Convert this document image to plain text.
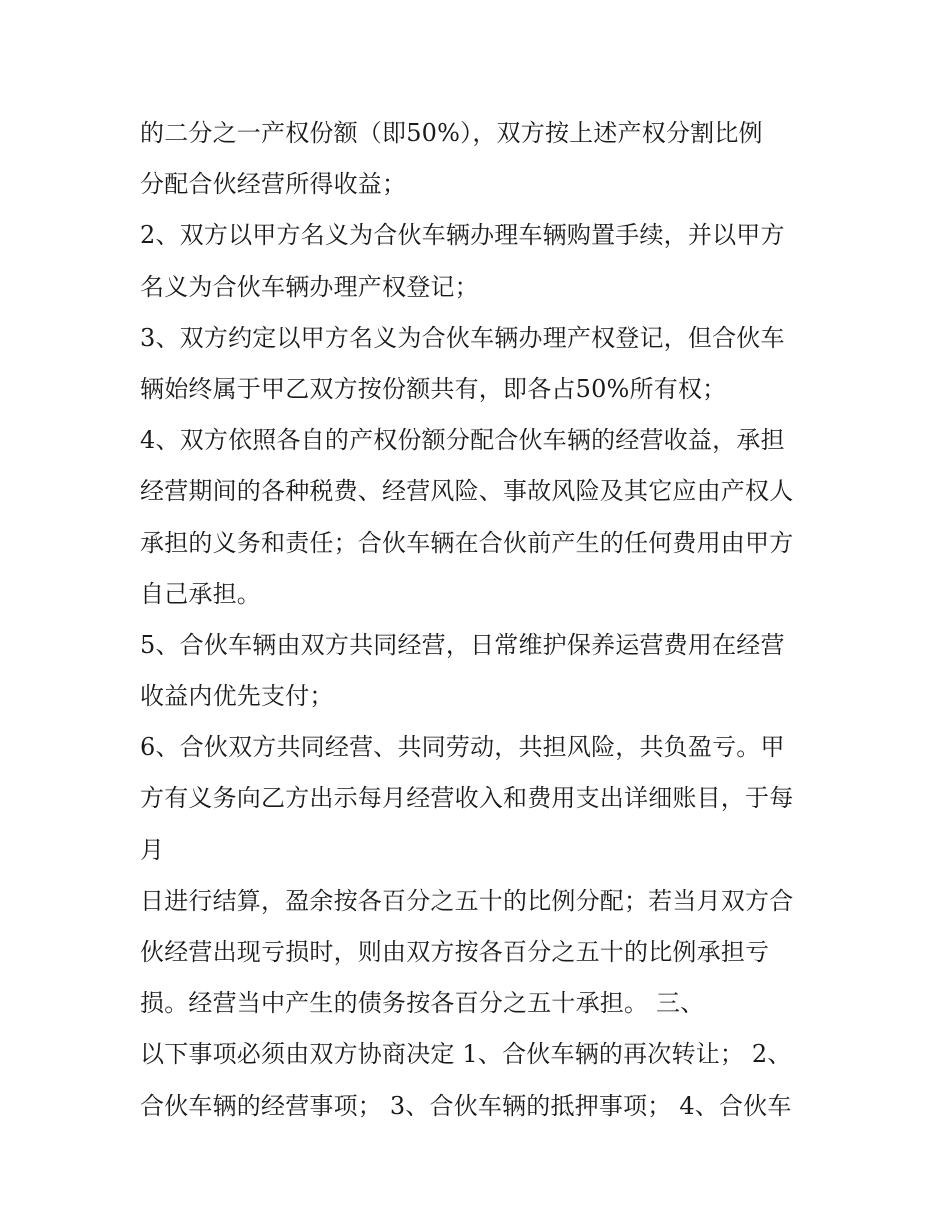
的二分之一产权份额（即50%），双方按上述产权分割比例
分配合伙经营所得收益；
2、双方以甲方名义为合伙车辆办理车辆购置手续，并以甲方
名义为合伙车辆办理产权登记；
3、双方约定以甲方名义为合伙车辆办理产权登记，但合伙车
辆始终属于甲乙双方按份额共有，即各占50%所有权；
4、双方依照各自的产权份额分配合伙车辆的经营收益，承担
经营期间的各种税费、经营风险、事故风险及其它应由产权人
承担的义务和责任；合伙车辆在合伙前产生的任何费用由甲方
自己承担。
5、合伙车辆由双方共同经营，日常维护保养运营费用在经营
收益内优先支付；
6、合伙双方共同经营、共同劳动，共担风险，共负盈亏。甲
方有义务向乙方出示每月经营收入和费用支出详细账目，于每
月
日进行结算，盈余按各百分之五十的比例分配；若当月双方合
伙经营出现亏损时，则由双方按各百分之五十的比例承担亏
损。经营当中产生的债务按各百分之五十承担。 三、
以下事项必须由双方协商决定 1、合伙车辆的再次转让； 2、
合伙车辆的经营事项； 3、合伙车辆的抵押事项； 4、合伙车
